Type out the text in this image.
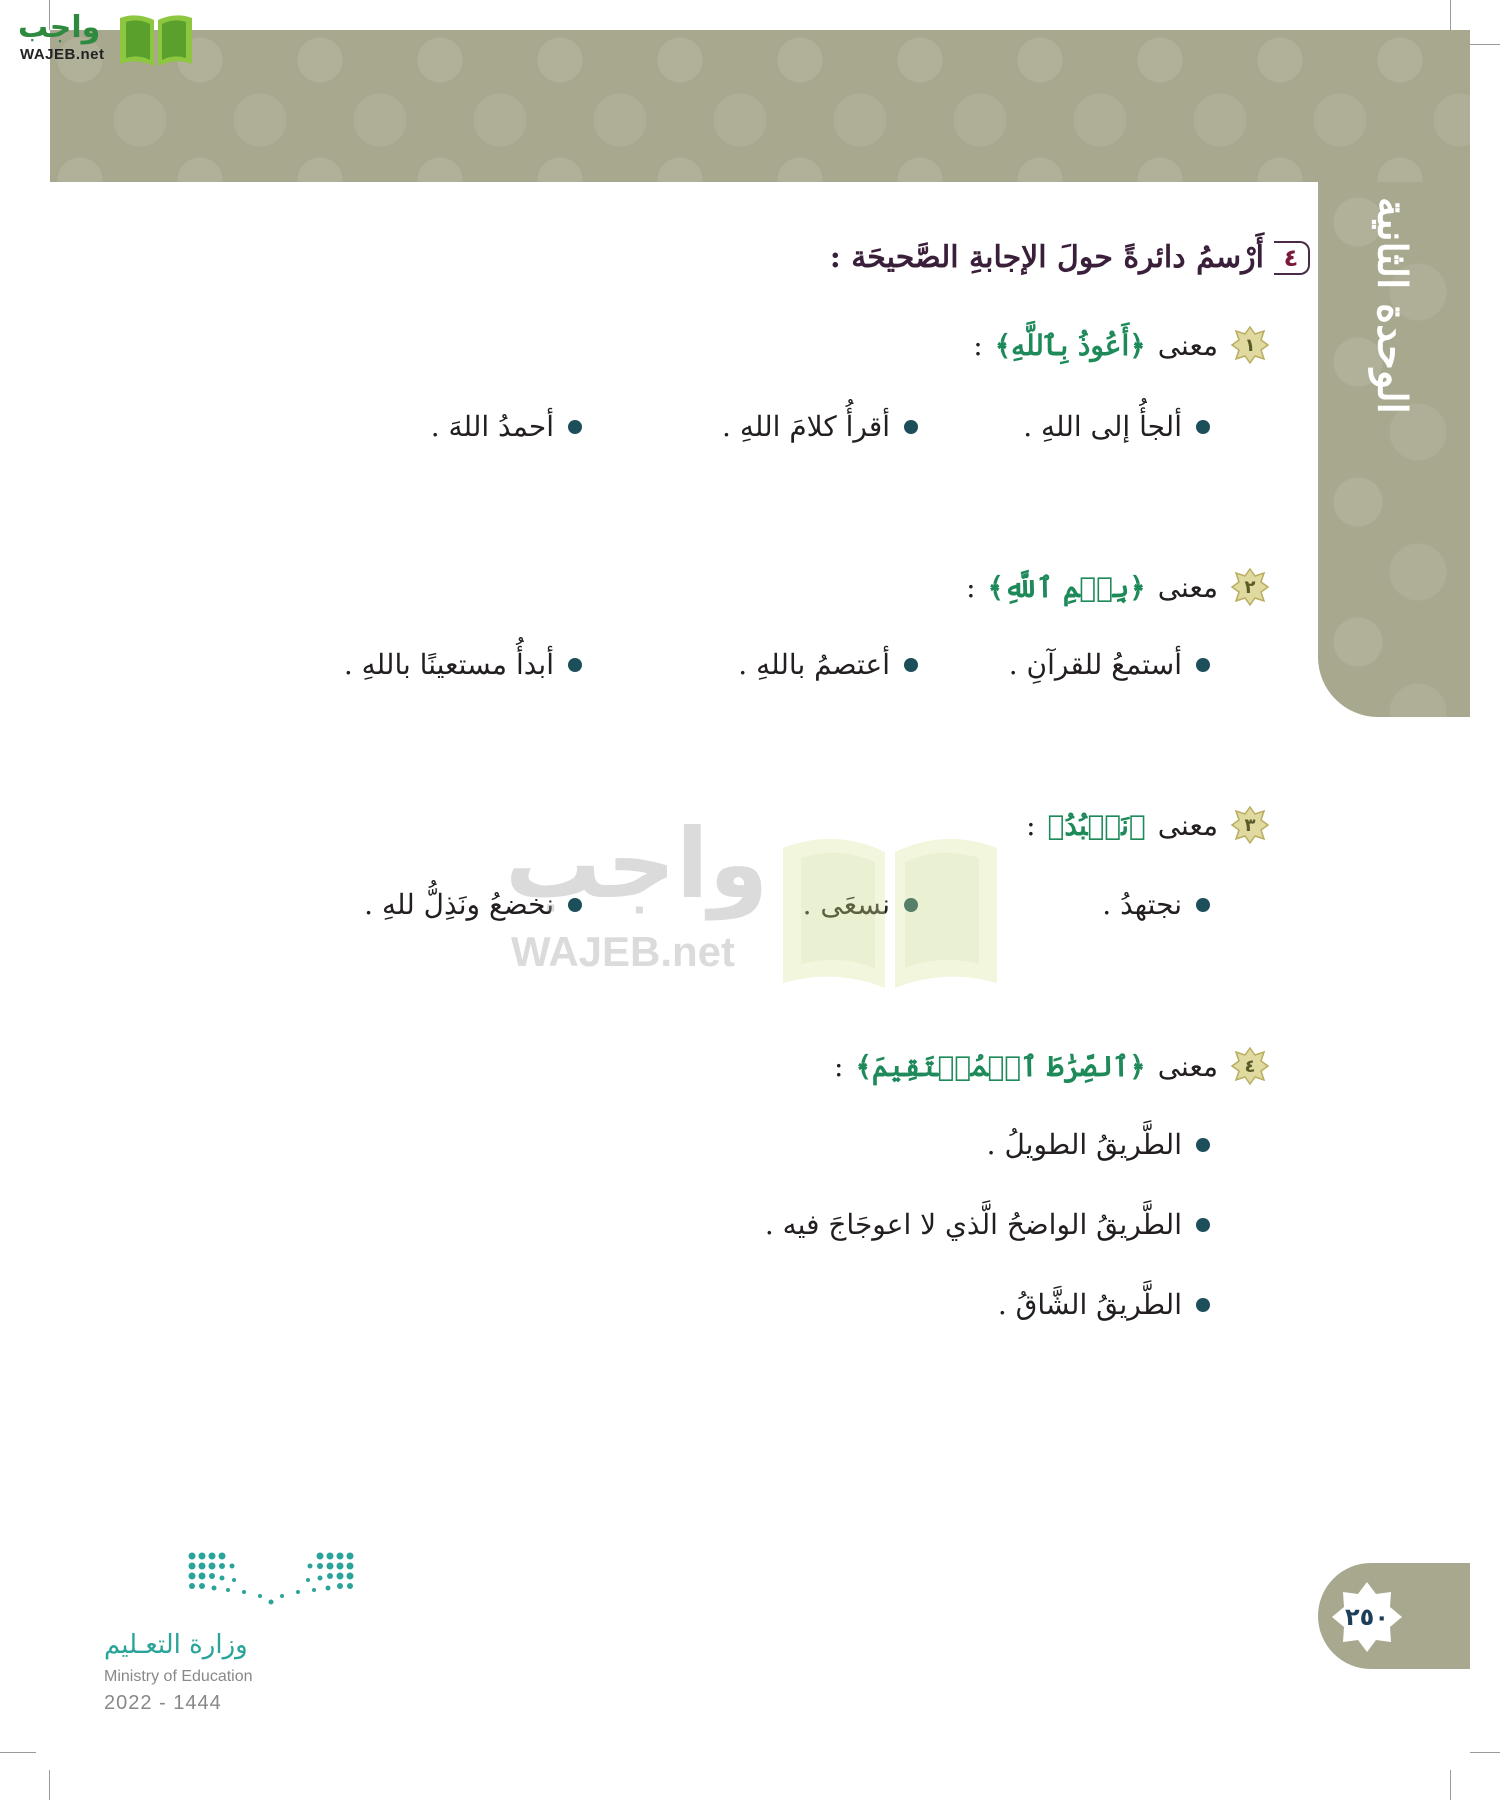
الوحدة الثانية
واجب
WAJEB.net
٤
أَرْسمُ دائرةً حولَ الإجابةِ الصَّحيحَة :
١
معنى
﴿أَعُوذُ بِٱللَّهِ﴾
:
ألجأُ إلى اللهِ .
أقرأُ كلامَ اللهِ .
أحمدُ اللهَ .
٢
معنى
﴿بِسۡمِ ٱللَّهِ﴾
:
أستمعُ للقرآنِ .
أعتصمُ باللهِ .
أبدأُ مستعينًا باللهِ .
٣
معنى
﴿نَعۡبُدُ﴾
:
نجتهدُ .
نسعَى .
نخضعُ ونَذِلُّ للهِ .
٤
معنى
﴿ٱلصِّرَٰطَ ٱلۡمُسۡتَقِيمَ﴾
:
الطَّريقُ الطويلُ .
الطَّريقُ الواضحُ الَّذي لا اعوجَاجَ فيه .
الطَّريقُ الشَّاقُ .
واجب
WAJEB.net
٢٥٠
وزارة التعـليم
Ministry of Education
2022 - 1444
